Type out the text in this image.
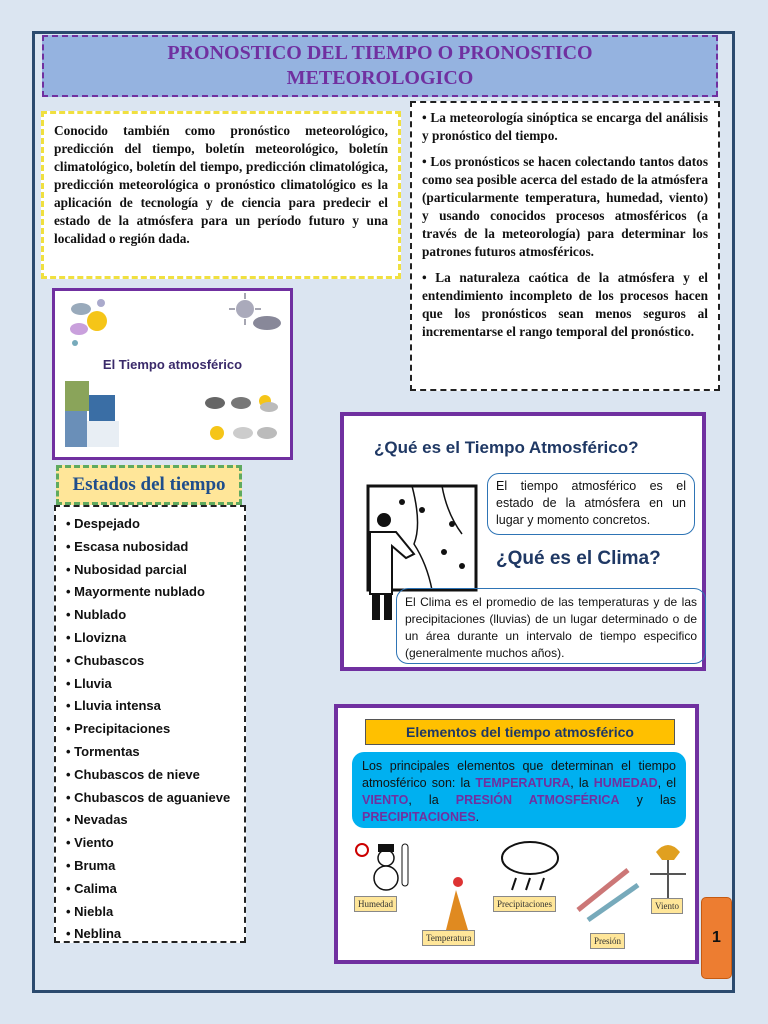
PRONOSTICO DEL TIEMPO O PRONOSTICO
METEOROLOGICO
Conocido también como pronóstico meteorológico, predicción del tiempo, boletín meteorológico, boletín climatológico, boletín del tiempo, predicción climatológica, predicción meteorológica o pronóstico climatológico es la aplicación de tecnología y de ciencia para predecir el estado de la atmósfera para un período futuro y una localidad o región dada.

• La meteorología sinóptica se encarga del análisis y pronóstico del tiempo.

• Los pronósticos se hacen colectando tantos datos como sea posible acerca del estado de la atmósfera (particularmente temperatura, humedad, viento) y usando conocidos procesos atmosféricos (a través de la meteorología) para determinar los patrones futuros atmosféricos.

• La naturaleza caótica de la atmósfera y el entendimiento incompleto de los procesos hacen que los pronósticos sean menos seguros al incrementarse el rango temporal del pronóstico.

El Tiempo atmosférico
Estados del tiempo
• Despejado
• Escasa nubosidad
• Nubosidad parcial
• Mayormente nublado
• Nublado
• Llovizna
• Chubascos
• Lluvia
• Lluvia intensa
• Precipitaciones
• Tormentas
• Chubascos de nieve
• Chubascos de aguanieve
• Nevadas
• Viento
• Bruma
• Calima
• Niebla
• Neblina
¿Qué es el Tiempo Atmosférico?
El tiempo atmosférico es el estado de la atmósfera en un lugar y momento concretos.
¿Qué es el Clima?
El Clima es el promedio de las temperaturas y de las precipitaciones (lluvias) de un lugar determinado o de un área durante un intervalo de tiempo especifico (generalmente muchos años).
Elementos del tiempo atmosférico
Los principales elementos que determinan el tiempo atmosférico son: la TEMPERATURA, la HUMEDAD, el VIENTO, la PRESIÓN ATMOSFÉRICA y las PRECIPITACIONES.
Humedad
Temperatura
Precipitaciones
Presión
Viento
1
